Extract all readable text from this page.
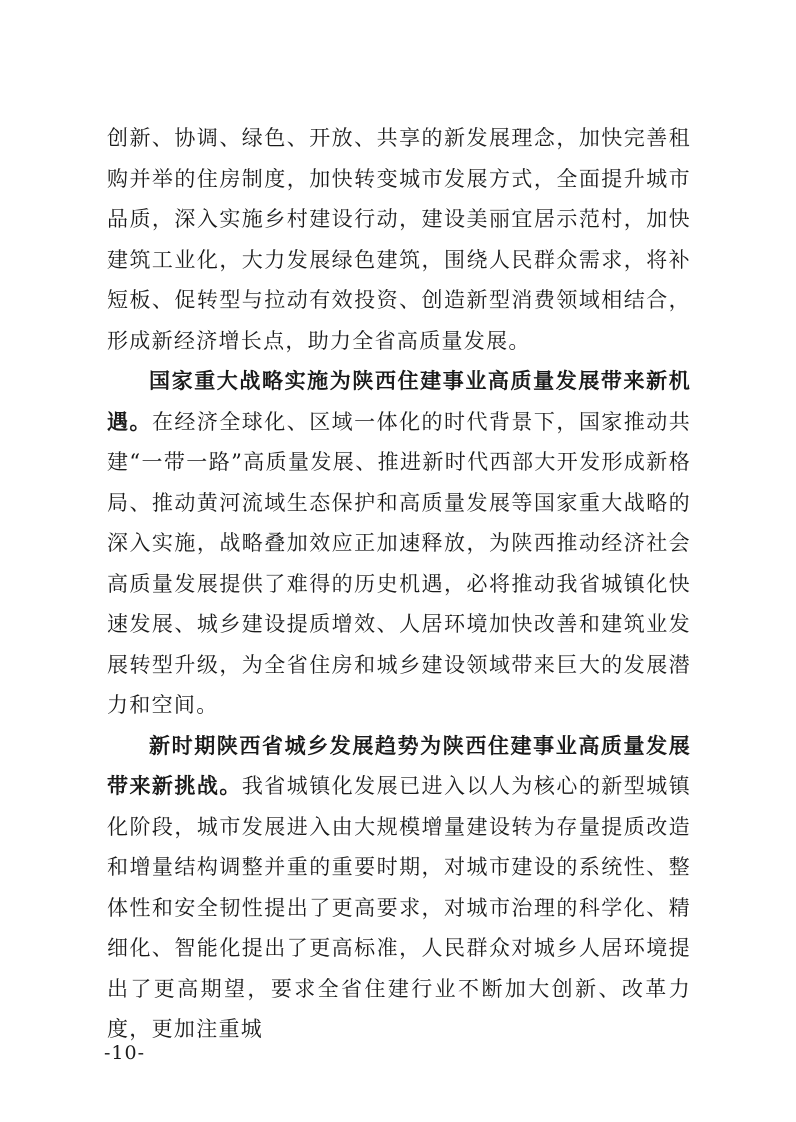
创新、协调、绿色、开放、共享的新发展理念，加快完善租购并举的住房制度，加快转变城市发展方式，全面提升城市品质，深入实施乡村建设行动，建设美丽宜居示范村，加快建筑工业化，大力发展绿色建筑，围绕人民群众需求，将补短板、促转型与拉动有效投资、创造新型消费领域相结合，形成新经济增长点，助力全省高质量发展。

国家重大战略实施为陕西住建事业高质量发展带来新机遇。在经济全球化、区域一体化的时代背景下，国家推动共建“一带一路”高质量发展、推进新时代西部大开发形成新格局、推动黄河流域生态保护和高质量发展等国家重大战略的深入实施，战略叠加效应正加速释放，为陕西推动经济社会高质量发展提供了难得的历史机遇，必将推动我省城镇化快速发展、城乡建设提质增效、人居环境加快改善和建筑业发展转型升级，为全省住房和城乡建设领域带来巨大的发展潜力和空间。

新时期陕西省城乡发展趋势为陕西住建事业高质量发展带来新挑战。我省城镇化发展已进入以人为核心的新型城镇化阶段，城市发展进入由大规模增量建设转为存量提质改造和增量结构调整并重的重要时期，对城市建设的系统性、整体性和安全韧性提出了更高要求，对城市治理的科学化、精细化、智能化提出了更高标准，人民群众对城乡人居环境提出了更高期望，要求全省住建行业不断加大创新、改革力度，更加注重城

-10-
